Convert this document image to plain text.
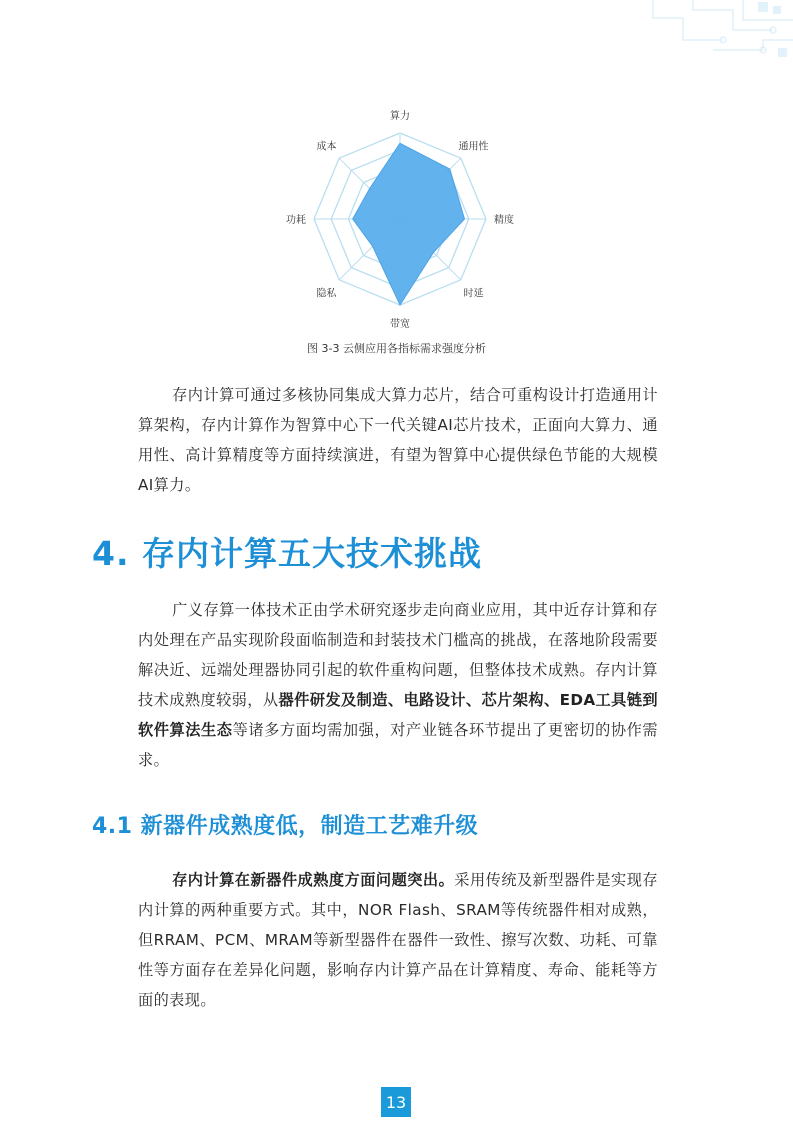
算力
通用性
精度
时延
带宽
隐私
功耗
成本
图 3-3 云侧应用各指标需求强度分析

存内计算可通过多核协同集成大算力芯片，结合可重构设计打造通用计算架构，存内计算作为智算中心下一代关键AI芯片技术，正面向大算力、通用性、高计算精度等方面持续演进，有望为智算中心提供绿色节能的大规模AI算力。

4. 存内计算五大技术挑战

广义存算一体技术正由学术研究逐步走向商业应用，其中近存计算和存内处理在产品实现阶段面临制造和封装技术门槛高的挑战，在落地阶段需要解决近、远端处理器协同引起的软件重构问题，但整体技术成熟。存内计算技术成熟度较弱，从器件研发及制造、电路设计、芯片架构、EDA工具链到软件算法生态等诸多方面均需加强，对产业链各环节提出了更密切的协作需求。

4.1 新器件成熟度低，制造工艺难升级

存内计算在新器件成熟度方面问题突出。采用传统及新型器件是实现存内计算的两种重要方式。其中，NOR Flash、SRAM等传统器件相对成熟，但RRAM、PCM、MRAM等新型器件在器件一致性、擦写次数、功耗、可靠性等方面存在差异化问题，影响存内计算产品在计算精度、寿命、能耗等方面的表现。

13
